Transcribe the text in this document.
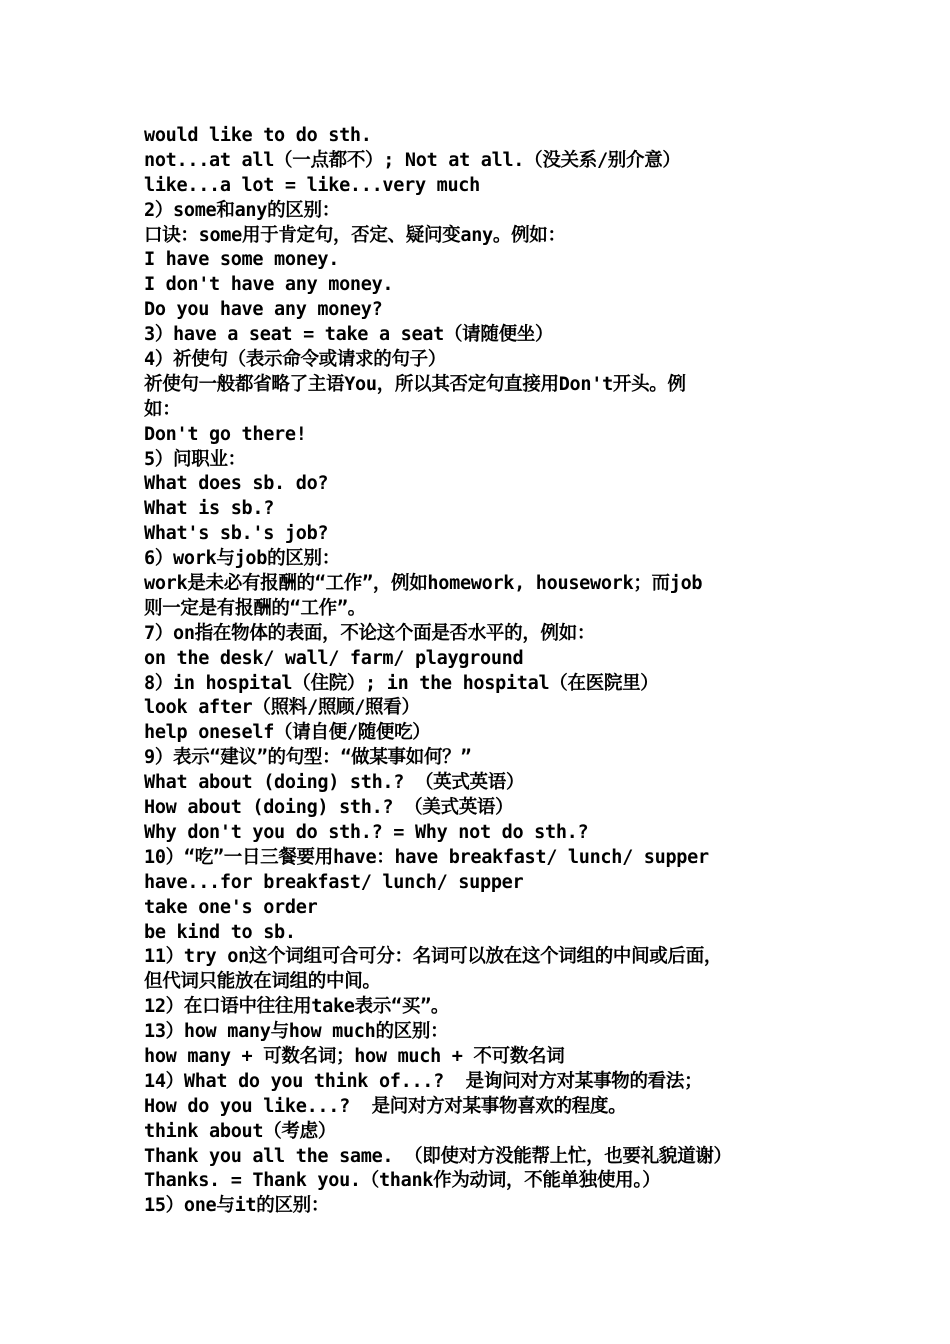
would like to do sth.
not...at all（一点都不）; Not at all.（没关系/别介意）
like...a lot = like...very much
2）some和any的区别：
口诀：some用于肯定句，否定、疑问变any。例如：
I have some money.
I don't have any money.
Do you have any money?
3）have a seat = take a seat（请随便坐）
4）祈使句（表示命令或请求的句子）
祈使句一般都省略了主语You，所以其否定句直接用Don't开头。例
如：
Don't go there!
5）问职业：
What does sb. do?
What is sb.?
What's sb.'s job?
6）work与job的区别：
work是未必有报酬的“工作”，例如homework, housework；而job
则一定是有报酬的“工作”。
7）on指在物体的表面，不论这个面是否水平的，例如：
on the desk/ wall/ farm/ playground
8）in hospital（住院）; in the hospital（在医院里）
look after（照料/照顾/照看）
help oneself（请自便/随便吃）
9）表示“建议”的句型：“做某事如何？”
What about (doing) sth.? （英式英语）
How about (doing) sth.? （美式英语）
Why don't you do sth.? = Why not do sth.?
10）“吃”一日三餐要用have：have breakfast/ lunch/ supper
have...for breakfast/ lunch/ supper
take one's order
be kind to sb.
11）try on这个词组可合可分：名词可以放在这个词组的中间或后面，
但代词只能放在词组的中间。
12）在口语中往往用take表示“买”。
13）how many与how much的区别：
how many + 可数名词；how much + 不可数名词
14）What do you think of...?  是询问对方对某事物的看法；
How do you like...?  是问对方对某事物喜欢的程度。
think about（考虑）
Thank you all the same. （即使对方没能帮上忙，也要礼貌道谢）
Thanks. = Thank you.（thank作为动词，不能单独使用。）
15）one与it的区别：
